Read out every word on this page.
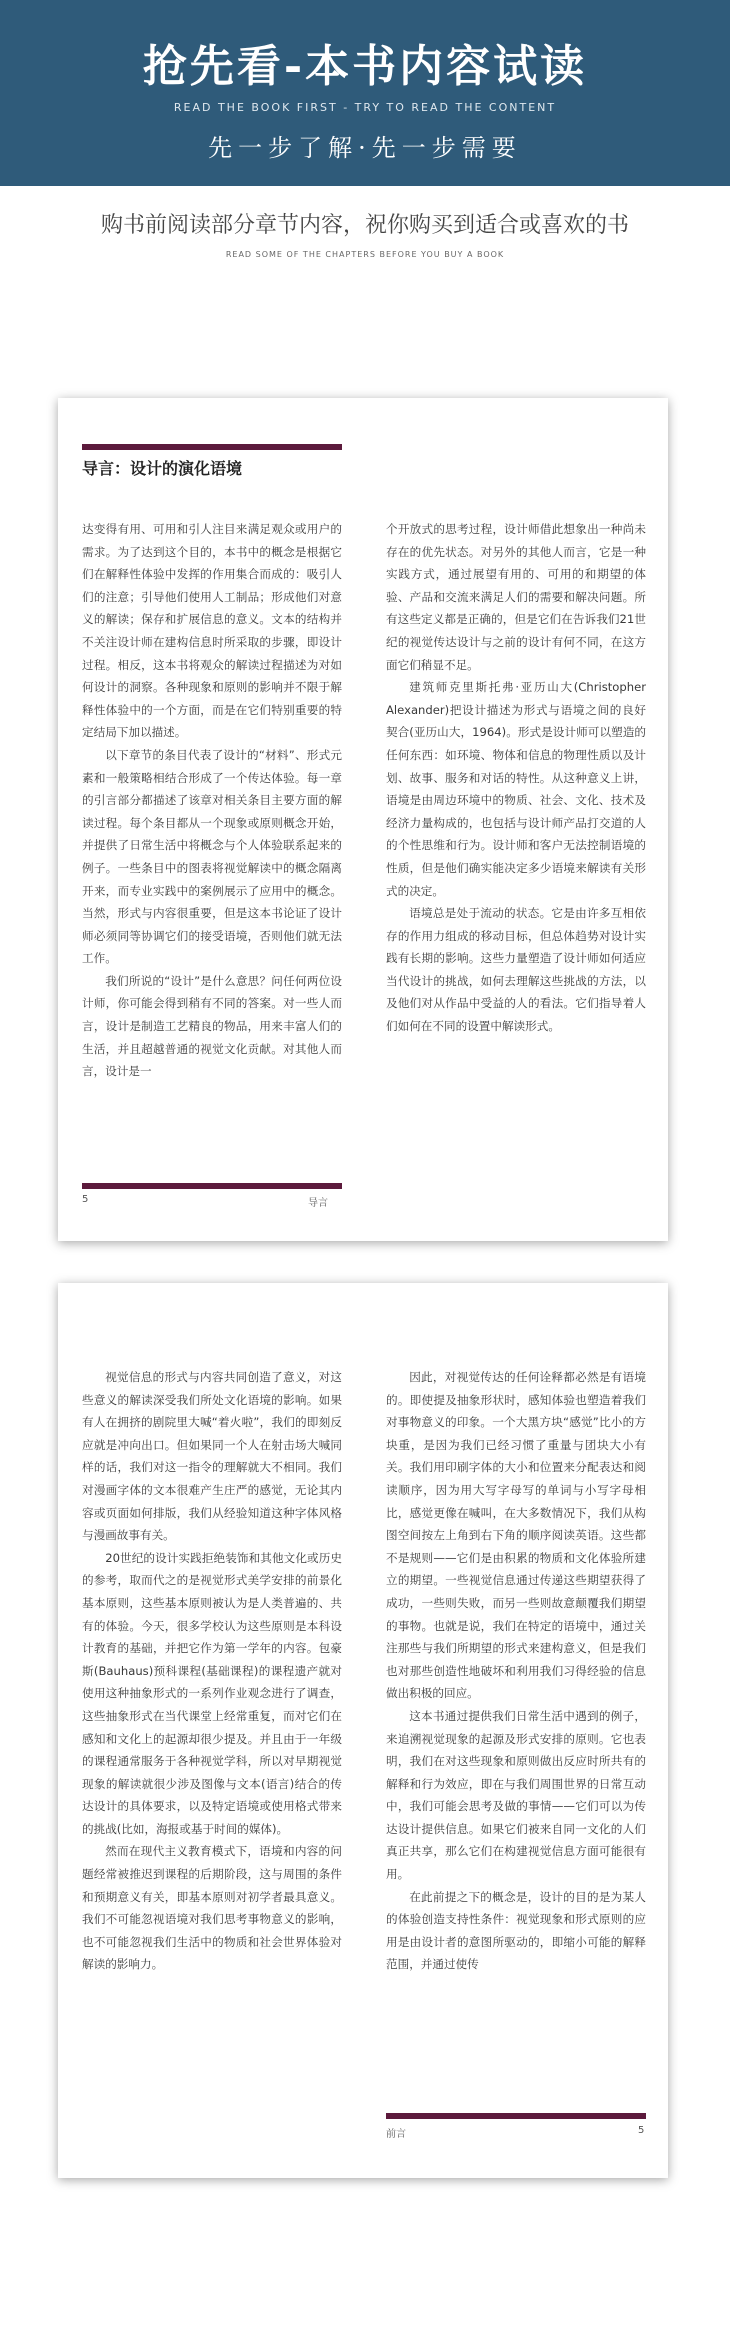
抢先看-本书内容试读
READ THE BOOK FIRST - TRY TO READ THE CONTENT
先一步了解·先一步需要
购书前阅读部分章节内容，祝你购买到适合或喜欢的书
READ SOME OF THE CHAPTERS BEFORE YOU BUY A BOOK
导言：设计的演化语境

达变得有用、可用和引人注目来满足观众或用户的需求。为了达到这个目的，本书中的概念是根据它们在解释性体验中发挥的作用集合而成的：吸引人们的注意；引导他们使用人工制品；形成他们对意义的解读；保存和扩展信息的意义。文本的结构并不关注设计师在建构信息时所采取的步骤，即设计过程。相反，这本书将观众的解读过程描述为对如何设计的洞察。各种现象和原则的影响并不限于解释性体验中的一个方面，而是在它们特别重要的特定结局下加以描述。

以下章节的条目代表了设计的“材料”、形式元素和一般策略相结合形成了一个传达体验。每一章的引言部分都描述了该章对相关条目主要方面的解读过程。每个条目都从一个现象或原则概念开始，并提供了日常生活中将概念与个人体验联系起来的例子。一些条目中的图表将视觉解读中的概念隔离开来，而专业实践中的案例展示了应用中的概念。当然，形式与内容很重要，但是这本书论证了设计师必须同等协调它们的接受语境，否则他们就无法工作。

我们所说的“设计”是什么意思？问任何两位设计师，你可能会得到稍有不同的答案。对一些人而言，设计是制造工艺精良的物品，用来丰富人们的生活，并且超越普通的视觉文化贡献。对其他人而言，设计是一

个开放式的思考过程，设计师借此想象出一种尚未存在的优先状态。对另外的其他人而言，它是一种实践方式，通过展望有用的、可用的和期望的体验、产品和交流来满足人们的需要和解决问题。所有这些定义都是正确的，但是它们在告诉我们21世纪的视觉传达设计与之前的设计有何不同，在这方面它们稍显不足。

建筑师克里斯托弗·亚历山大(Christopher Alexander)把设计描述为形式与语境之间的良好契合(亚历山大，1964)。形式是设计师可以塑造的任何东西：如环境、物体和信息的物理性质以及计划、故事、服务和对话的特性。从这种意义上讲，语境是由周边环境中的物质、社会、文化、技术及经济力量构成的，也包括与设计师产品打交道的人的个性思维和行为。设计师和客户无法控制语境的性质，但是他们确实能决定多少语境来解读有关形式的决定。

语境总是处于流动的状态。它是由许多互相依存的作用力组成的移动目标，但总体趋势对设计实践有长期的影响。这些力量塑造了设计师如何适应当代设计的挑战，如何去理解这些挑战的方法，以及他们对从作品中受益的人的看法。它们指导着人们如何在不同的设置中解读形式。

5	导言

视觉信息的形式与内容共同创造了意义，对这些意义的解读深受我们所处文化语境的影响。如果有人在拥挤的剧院里大喊“着火啦”，我们的即刻反应就是冲向出口。但如果同一个人在射击场大喊同样的话，我们对这一指令的理解就大不相同。我们对漫画字体的文本很难产生庄严的感觉，无论其内容或页面如何排版，我们从经验知道这种字体风格与漫画故事有关。

20世纪的设计实践拒绝装饰和其他文化或历史的参考，取而代之的是视觉形式美学安排的前景化基本原则，这些基本原则被认为是人类普遍的、共有的体验。今天，很多学校认为这些原则是本科设计教育的基础，并把它作为第一学年的内容。包豪斯(Bauhaus)预科课程(基础课程)的课程遗产就对使用这种抽象形式的一系列作业观念进行了调查，这些抽象形式在当代课堂上经常重复，而对它们在感知和文化上的起源却很少提及。并且由于一年级的课程通常服务于各种视觉学科，所以对早期视觉现象的解读就很少涉及图像与文本(语言)结合的传达设计的具体要求，以及特定语境或使用格式带来的挑战(比如，海报或基于时间的媒体)。

然而在现代主义教育模式下，语境和内容的问题经常被推迟到课程的后期阶段，这与周围的条件和预期意义有关，即基本原则对初学者最具意义。我们不可能忽视语境对我们思考事物意义的影响，也不可能忽视我们生活中的物质和社会世界体验对解读的影响力。

因此，对视觉传达的任何诠释都必然是有语境的。即使提及抽象形状时，感知体验也塑造着我们对事物意义的印象。一个大黑方块“感觉”比小的方块重，是因为我们已经习惯了重量与团块大小有关。我们用印刷字体的大小和位置来分配表达和阅读顺序，因为用大写字母写的单词与小写字母相比，感觉更像在喊叫，在大多数情况下，我们从构图空间按左上角到右下角的顺序阅读英语。这些都不是规则——它们是由积累的物质和文化体验所建立的期望。一些视觉信息通过传递这些期望获得了成功，一些则失败，而另一些则故意颠覆我们期望的事物。也就是说，我们在特定的语境中，通过关注那些与我们所期望的形式来建构意义，但是我们也对那些创造性地破坏和利用我们习得经验的信息做出积极的回应。

这本书通过提供我们日常生活中遇到的例子，来追溯视觉现象的起源及形式安排的原则。它也表明，我们在对这些现象和原则做出反应时所共有的解释和行为效应，即在与我们周围世界的日常互动中，我们可能会思考及做的事情——它们可以为传达设计提供信息。如果它们被来自同一文化的人们真正共享，那么它们在构建视觉信息方面可能很有用。

在此前提之下的概念是，设计的目的是为某人的体验创造支持性条件：视觉现象和形式原则的应用是由设计者的意图所驱动的，即缩小可能的解释范围，并通过使传

前言	5
